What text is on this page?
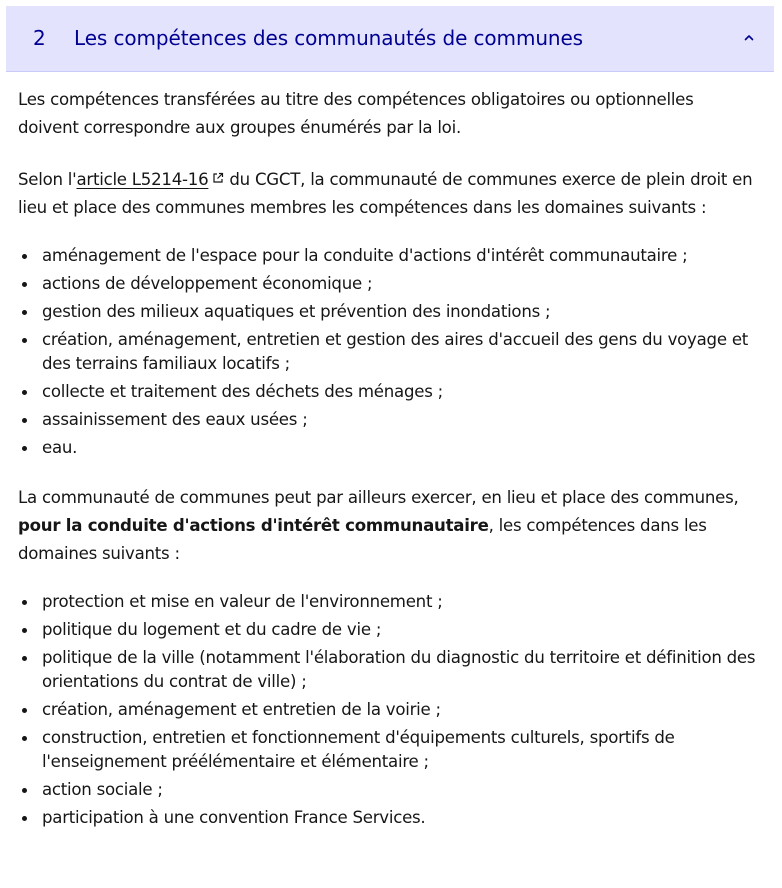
2 Les compétences des communautés de communes

Les compétences transférées au titre des compétences obligatoires ou optionnelles doivent correspondre aux groupes énumérés par la loi.

Selon l'article L5214-16 du CGCT, la communauté de communes exerce de plein droit en lieu et place des communes membres les compétences dans les domaines suivants :

aménagement de l'espace pour la conduite d'actions d'intérêt communautaire ;
actions de développement économique ;
gestion des milieux aquatiques et prévention des inondations ;
création, aménagement, entretien et gestion des aires d'accueil des gens du voyage et des terrains familiaux locatifs ;
collecte et traitement des déchets des ménages ;
assainissement des eaux usées ;
eau.

La communauté de communes peut par ailleurs exercer, en lieu et place des communes, pour la conduite d'actions d'intérêt communautaire, les compétences dans les domaines suivants :

protection et mise en valeur de l'environnement ;
politique du logement et du cadre de vie ;
politique de la ville (notamment l'élaboration du diagnostic du territoire et définition des orientations du contrat de ville) ;
création, aménagement et entretien de la voirie ;
construction, entretien et fonctionnement d'équipements culturels, sportifs de l'enseignement préélémentaire et élémentaire ;
action sociale ;
participation à une convention France Services.
